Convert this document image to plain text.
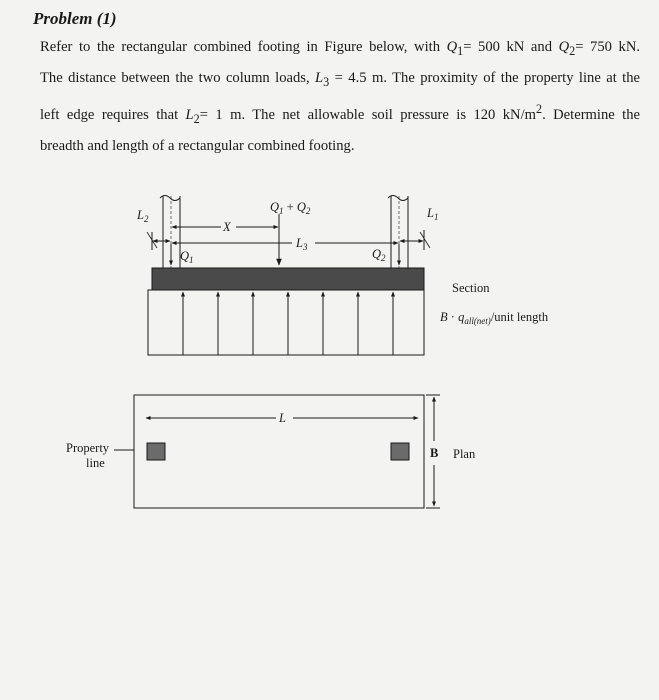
Problem (1)
Refer to the rectangular combined footing in Figure below, with $Q_1= 500$ kN and $Q_2= 750$ kN.
The distance between the two column loads, $L_3 = 4.5$ m. The proximity of the property line at the
left edge requires that $L_2= 1$ m. The net allowable soil pressure is 120 $kN/m^2$. Determine the
breadth and length of a rectangular combined footing.
$Q_1 + Q_2$
X
$L_3$
$L_2$	$L_1$
$Q_1$	$Q_2$
Section
$B \cdot q_{all(net)}$/unit length
L
B Plan
Property
line
